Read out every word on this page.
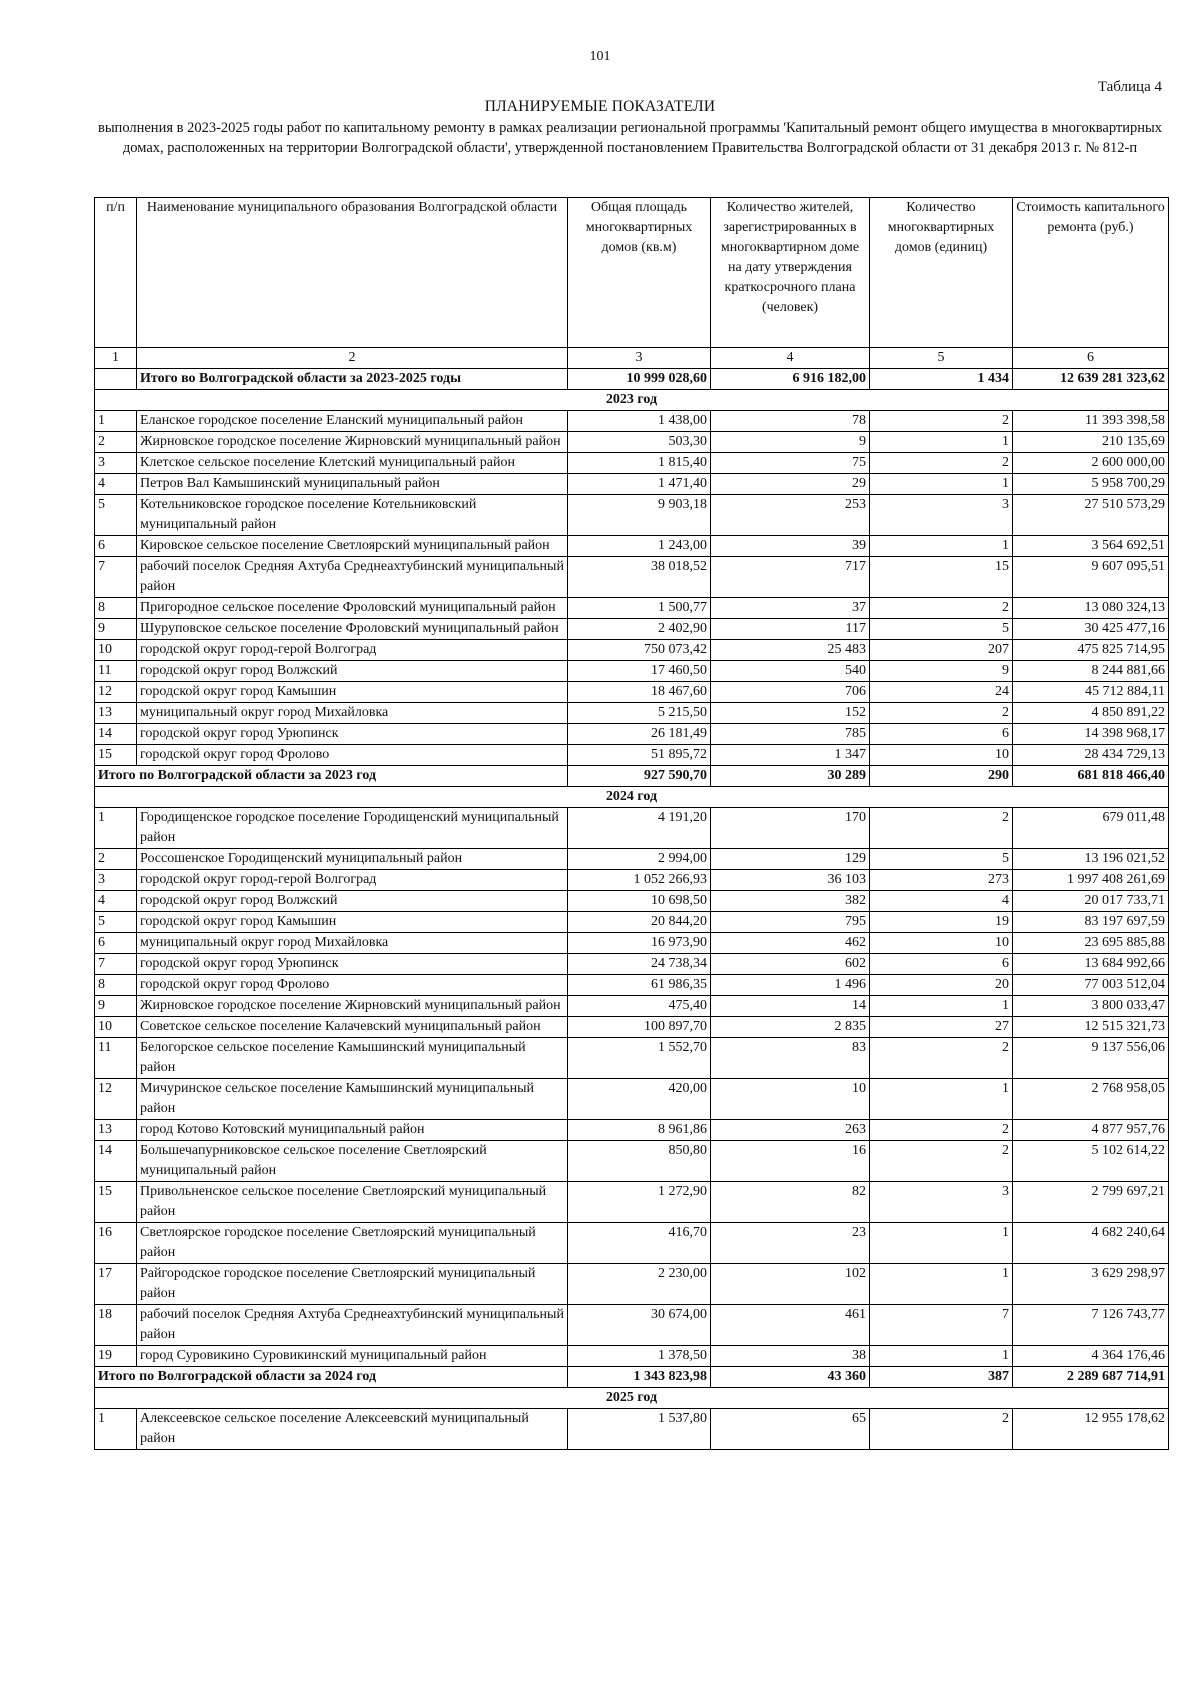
101
Таблица 4
ПЛАНИРУЕМЫЕ ПОКАЗАТЕЛИ
выполнения в 2023-2025 годы работ по капитальному ремонту в рамках реализации региональной программы 'Капитальный ремонт общего имущества в многоквартирных домах, расположенных на территории Волгоградской области', утвержденной постановлением Правительства Волгоградской области от 31 декабря 2013 г. № 812-п
п/п	Наименование муниципального образования Волгоградской области	Общая площадь многоквартирных домов (кв.м)	Количество жителей, зарегистрированных в многоквартирном доме на дату утверждения краткосрочного плана (человек)	Количество многоквартирных домов (единиц)	Стоимость капитального ремонта (руб.)
1	2	3	4	5	6
	Итого во Волгоградской области за 2023-2025 годы	10 999 028,60	6 916 182,00	1 434	12 639 281 323,62
2023 год					
1	Еланское городское поселение Еланский муниципальный район	1 438,00	78	2	11 393 398,58
2	Жирновское городское поселение Жирновский муниципальный район	503,30	9	1	210 135,69
3	Клетское сельское поселение Клетский муниципальный район	1 815,40	75	2	2 600 000,00
4	Петров Вал Камышинский муниципальный район	1 471,40	29	1	5 958 700,29
5	Котельниковское городское поселение Котельниковский муниципальный район	9 903,18	253	3	27 510 573,29
6	Кировское сельское поселение Светлоярский муниципальный район	1 243,00	39	1	3 564 692,51
7	рабочий поселок Средняя Ахтуба Среднеахтубинский муниципальный район	38 018,52	717	15	9 607 095,51
8	Пригородное сельское поселение Фроловский муниципальный район	1 500,77	37	2	13 080 324,13
9	Шуруповское сельское поселение Фроловский муниципальный район	2 402,90	117	5	30 425 477,16
10	городской округ город-герой Волгоград	750 073,42	25 483	207	475 825 714,95
11	городской округ город Волжский	17 460,50	540	9	8 244 881,66
12	городской округ город Камышин	18 467,60	706	24	45 712 884,11
13	муниципальный округ город Михайловка	5 215,50	152	2	4 850 891,22
14	городской округ город Урюпинск	26 181,49	785	6	14 398 968,17
15	городской округ город Фролово	51 895,72	1 347	10	28 434 729,13
Итого по Волгоградской области за 2023 год		927 590,70	30 289	290	681 818 466,40
2024 год					
1	Городищенское городское поселение Городищенский муниципальный район	4 191,20	170	2	679 011,48
2	Россошенское Городищенский муниципальный район	2 994,00	129	5	13 196 021,52
3	городской округ город-герой Волгоград	1 052 266,93	36 103	273	1 997 408 261,69
4	городской округ город Волжский	10 698,50	382	4	20 017 733,71
5	городской округ город Камышин	20 844,20	795	19	83 197 697,59
6	муниципальный округ город Михайловка	16 973,90	462	10	23 695 885,88
7	городской округ город Урюпинск	24 738,34	602	6	13 684 992,66
8	городской округ город Фролово	61 986,35	1 496	20	77 003 512,04
9	Жирновское городское поселение Жирновский муниципальный район	475,40	14	1	3 800 033,47
10	Советское сельское поселение Калачевский муниципальный район	100 897,70	2 835	27	12 515 321,73
11	Белогорское сельское поселение Камышинский муниципальный район	1 552,70	83	2	9 137 556,06
12	Мичуринское сельское поселение Камышинский муниципальный район	420,00	10	1	2 768 958,05
13	город Котово Котовский муниципальный район	8 961,86	263	2	4 877 957,76
14	Большечапурниковское сельское поселение Светлоярский муниципальный район	850,80	16	2	5 102 614,22
15	Привольненское сельское поселение Светлоярский муниципальный район	1 272,90	82	3	2 799 697,21
16	Светлоярское городское поселение Светлоярский муниципальный район	416,70	23	1	4 682 240,64
17	Райгородское городское поселение Светлоярский муниципальный район	2 230,00	102	1	3 629 298,97
18	рабочий поселок Средняя Ахтуба Среднеахтубинский муниципальный район	30 674,00	461	7	7 126 743,77
19	город Суровикино Суровикинский муниципальный район	1 378,50	38	1	4 364 176,46
Итого по Волгоградской области за 2024 год		1 343 823,98	43 360	387	2 289 687 714,91
2025 год					
1	Алексеевское сельское поселение Алексеевский муниципальный район	1 537,80	65	2	12 955 178,62
